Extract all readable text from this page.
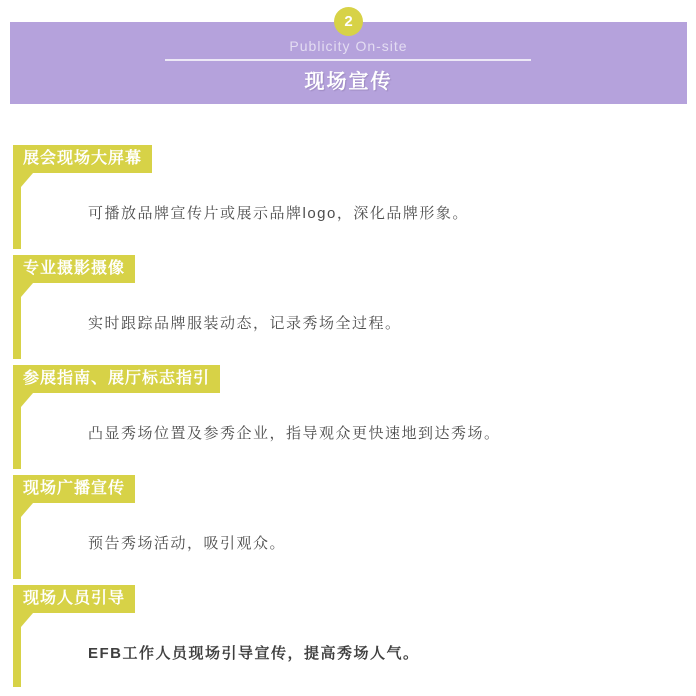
2
Publicity On-site
现场宣传
展会现场大屏幕
可播放品牌宣传片或展示品牌logo，深化品牌形象。
专业摄影摄像
实时跟踪品牌服装动态，记录秀场全过程。
参展指南、展厅标志指引
凸显秀场位置及参秀企业，指导观众更快速地到达秀场。
现场广播宣传
预告秀场活动，吸引观众。
现场人员引导
EFB工作人员现场引导宣传，提高秀场人气。
